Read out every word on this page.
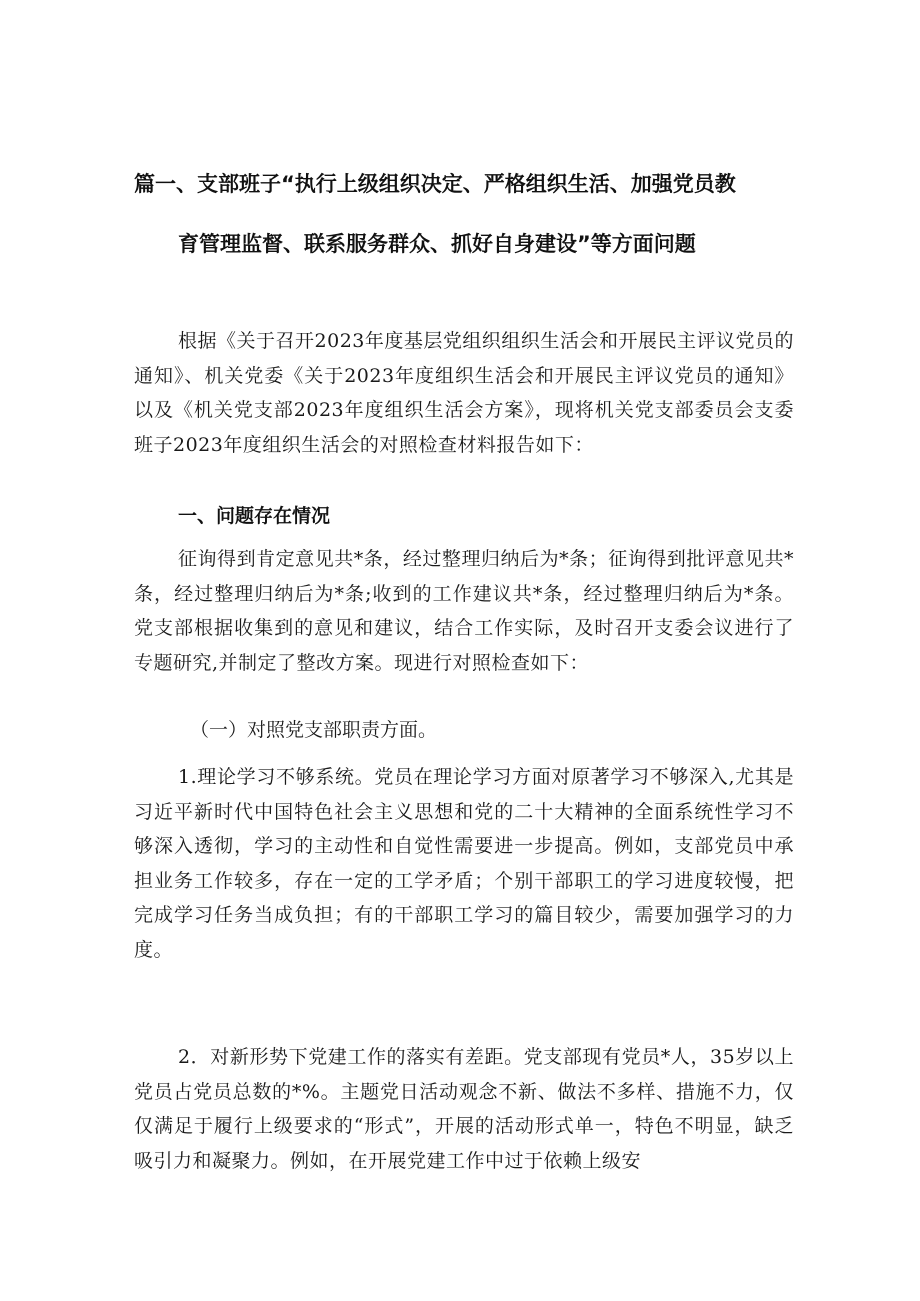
篇一、支部班子“执行上级组织决定、严格组织生活、加强党员教
育管理监督、联系服务群众、抓好自身建设”等方面问题

根据《关于召开2023年度基层党组织组织生活会和开展民主评议党员的通知》、机关党委《关于2023年度组织生活会和开展民主评议党员的通知》以及《机关党支部2023年度组织生活会方案》，现将机关党支部委员会支委班子2023年度组织生活会的对照检查材料报告如下：

一、问题存在情况

征询得到肯定意见共*条，经过整理归纳后为*条；征询得到批评意见共*条，经过整理归纳后为*条;收到的工作建议共*条，经过整理归纳后为*条。党支部根据收集到的意见和建议，结合工作实际，及时召开支委会议进行了专题研究,并制定了整改方案。现进行对照检查如下：

（一）对照党支部职责方面。

1.理论学习不够系统。党员在理论学习方面对原著学习不够深入,尤其是习近平新时代中国特色社会主义思想和党的二十大精神的全面系统性学习不够深入透彻，学习的主动性和自觉性需要进一步提高。例如，支部党员中承担业务工作较多，存在一定的工学矛盾；个别干部职工的学习进度较慢，把完成学习任务当成负担；有的干部职工学习的篇目较少，需要加强学习的力度。

2．对新形势下党建工作的落实有差距。党支部现有党员*人，35岁以上党员占党员总数的*%。主题党日活动观念不新、做法不多样、措施不力，仅仅满足于履行上级要求的“形式”，开展的活动形式单一，特色不明显，缺乏吸引力和凝聚力。例如，在开展党建工作中过于依赖上级安
